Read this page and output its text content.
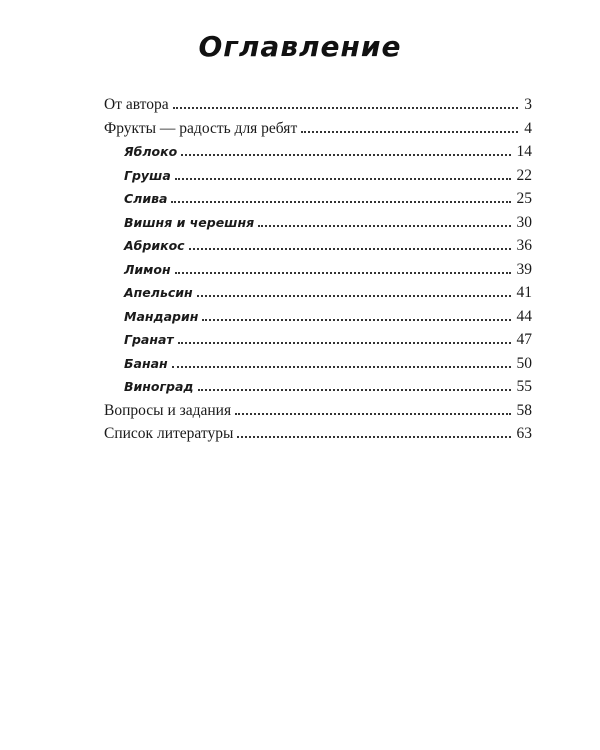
Оглавление
От автора	3
Фрукты — радость для ребят	4
Яблоко	14
Груша	22
Слива	25
Вишня и черешня	30
Абрикос	36
Лимон	39
Апельсин	41
Мандарин	44
Гранат	47
Банан	50
Виноград	55
Вопросы и задания	58
Список литературы	63
